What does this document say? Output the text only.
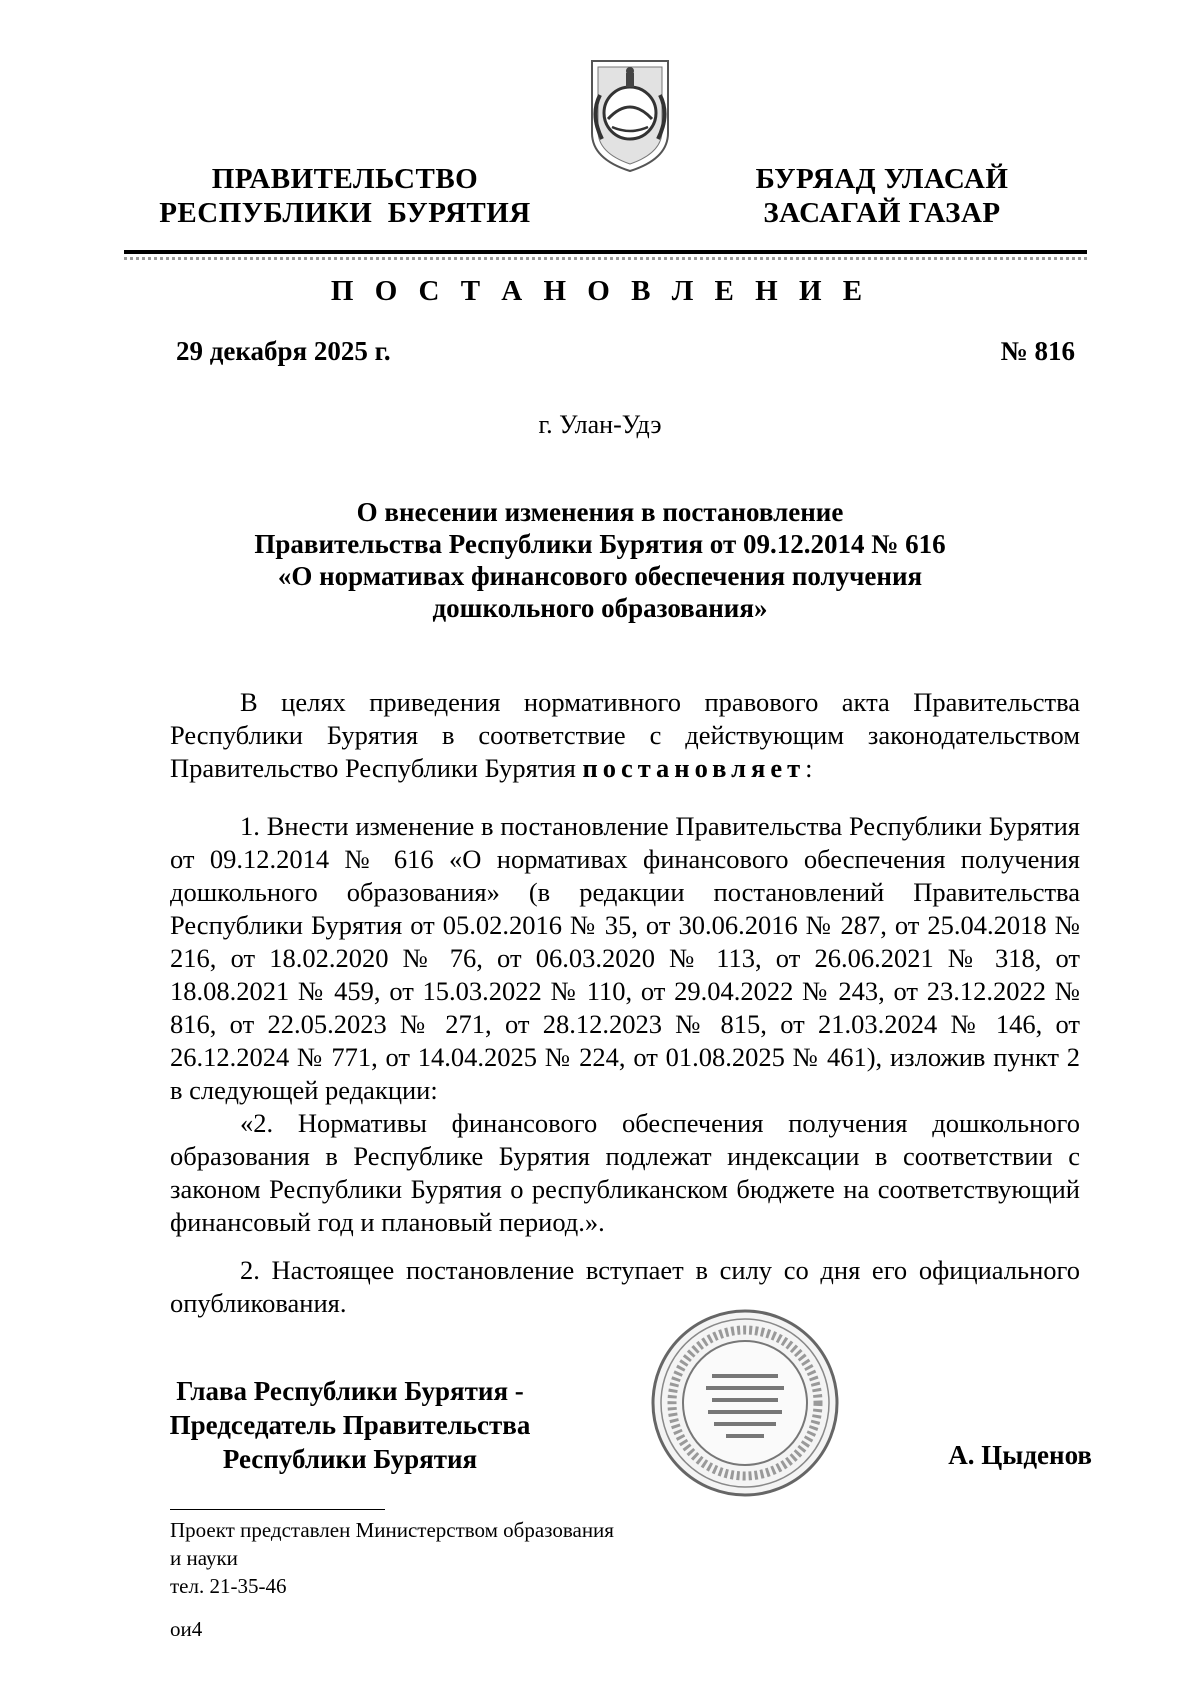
ПРАВИТЕЛЬСТВО
РЕСПУБЛИКИ  БУРЯТИЯ
БУРЯАД УЛАСАЙ
ЗАСАГАЙ ГАЗАР
П О С Т А Н О В Л Е Н И Е
29 декабря 2025 г.	№ 816
г. Улан-Удэ
О внесении изменения в постановление
Правительства Республики Бурятия от 09.12.2014 № 616
«О нормативах финансового обеспечения получения
дошкольного образования»

В целях приведения нормативного правового акта Правительства Республики Бурятия в соответствие с действующим законодательством Правительство Республики Бурятия постановляет:

1. Внести изменение в постановление Правительства Республики Бурятия от 09.12.2014 № 616 «О нормативах финансового обеспечения получения дошкольного образования» (в редакции постановлений Правительства Республики Бурятия от 05.02.2016 № 35, от 30.06.2016 № 287, от 25.04.2018 № 216, от 18.02.2020 № 76, от 06.03.2020 № 113, от 26.06.2021 № 318, от 18.08.2021 № 459, от 15.03.2022 № 110, от 29.04.2022 № 243, от 23.12.2022 № 816, от 22.05.2023 № 271, от 28.12.2023 № 815, от 21.03.2024 № 146, от 26.12.2024 № 771, от 14.04.2025 № 224, от 01.08.2025 № 461), изложив пункт 2 в следующей редакции:

«2. Нормативы финансового обеспечения получения дошкольного образования в Республике Бурятия подлежат индексации в соответствии с законом Республики Бурятия о республиканском бюджете на соответствующий финансовый год и плановый период.».

2. Настоящее постановление вступает в силу со дня его официального опубликования.

Глава Республики Бурятия -
Председатель Правительства
Республики Бурятия	А. Цыденов
Проект представлен Министерством образования
и науки
тел. 21-35-46
ои4
